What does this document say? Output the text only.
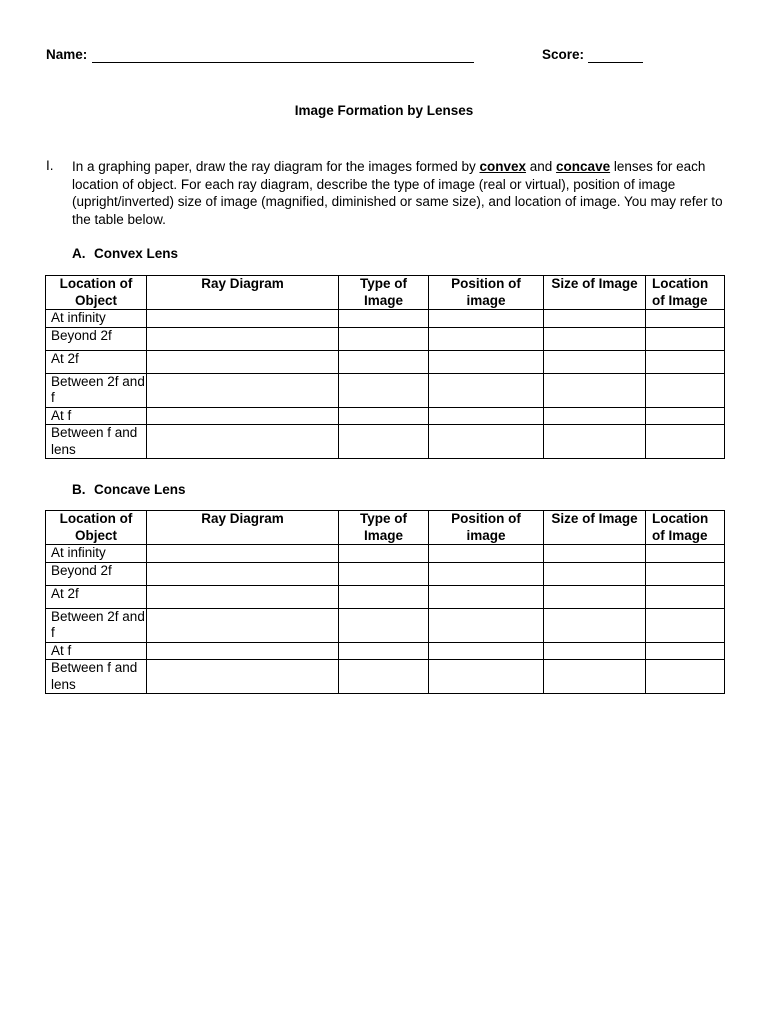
Name:	Score:
Image Formation by Lenses
I. In a graphing paper, draw the ray diagram for the images formed by convex and concave lenses for each location of object. For each ray diagram, describe the type of image (real or virtual), position of image (upright/inverted) size of image (magnified, diminished or same size), and location of image. You may refer to the table below.
A. Convex Lens
Location of Object	Ray Diagram	Type of Image	Position of image	Size of Image	Location of Image
At infinity					
Beyond 2f					
At 2f					
Between 2f and f					
At f					
Between f and lens					
B. Concave Lens
Location of Object	Ray Diagram	Type of Image	Position of image	Size of Image	Location of Image
At infinity					
Beyond 2f					
At 2f					
Between 2f and f					
At f					
Between f and lens					
